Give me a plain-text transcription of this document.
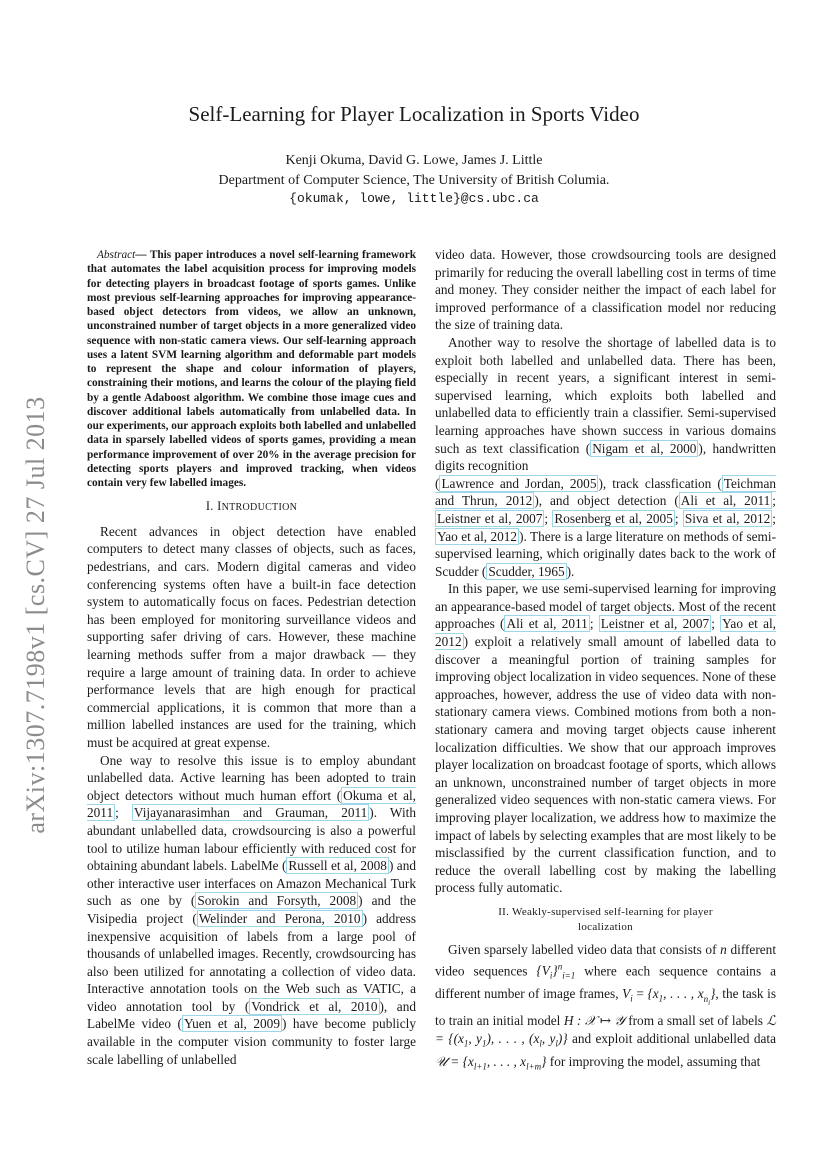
arXiv:1307.7198v1 [cs.CV] 27 Jul 2013
Self-Learning for Player Localization in Sports Video
Kenji Okuma, David G. Lowe, James J. Little
Department of Computer Science, The University of British Columia.
{okumak, lowe, little}@cs.ubc.ca

Abstract— This paper introduces a novel self-learning framework that automates the label acquisition process for improving models for detecting players in broadcast footage of sports games. Unlike most previous self-learning approaches for improving appearance-based object detectors from videos, we allow an unknown, unconstrained number of target objects in a more generalized video sequence with non-static camera views. Our self-learning approach uses a latent SVM learning algorithm and deformable part models to represent the shape and colour information of players, constraining their motions, and learns the colour of the playing field by a gentle Adaboost algorithm. We combine those image cues and discover additional labels automatically from unlabelled data. In our experiments, our approach exploits both labelled and unlabelled data in sparsely labelled videos of sports games, providing a mean performance improvement of over 20% in the average precision for detecting sports players and improved tracking, when videos contain very few labelled images.

I. INTRODUCTION

Recent advances in object detection have enabled computers to detect many classes of objects, such as faces, pedestrians, and cars. Modern digital cameras and video conferencing systems often have a built-in face detection system to automatically focus on faces. Pedestrian detection has been employed for monitoring surveillance videos and supporting safer driving of cars. However, these machine learning methods suffer from a major drawback — they require a large amount of training data. In order to achieve performance levels that are high enough for practical commercial applications, it is common that more than a million labelled instances are used for the training, which must be acquired at great expense.

One way to resolve this issue is to employ abundant unlabelled data. Active learning has been adopted to train object detectors without much human effort ( Okuma et al, 2011 ; Vijayanarasimhan and Grauman, 2011 ). With abundant unlabelled data, crowdsourcing is also a powerful tool to utilize human labour efficiently with reduced cost for obtaining abundant labels. LabelMe ( Russell et al, 2008 ) and other interactive user interfaces on Amazon Mechanical Turk such as one by ( Sorokin and Forsyth, 2008 ) and the Visipedia project ( Welinder and Perona, 2010 ) address inexpensive acquisition of labels from a large pool of thousands of unlabelled images. Recently, crowdsourcing has also been utilized for annotating a collection of video data. Interactive annotation tools on the Web such as VATIC, a video annotation tool by ( Vondrick et al, 2010 ), and LabelMe video ( Yuen et al, 2009 ) have become publicly available in the computer vision community to foster large scale labelling of unlabelled

video data. However, those crowdsourcing tools are designed primarily for reducing the overall labelling cost in terms of time and money. They consider neither the impact of each label for improved performance of a classification model nor reducing the size of training data.

Another way to resolve the shortage of labelled data is to exploit both labelled and unlabelled data. There has been, especially in recent years, a significant interest in semi-supervised learning, which exploits both labelled and unlabelled data to efficiently train a classifier. Semi-supervised learning approaches have shown success in various domains such as text classification ( Nigam et al, 2000 ), handwritten digits recognition

( Lawrence and Jordan, 2005 ), track classfication ( Teichman and Thrun, 2012 ), and object detection ( Ali et al, 2011 ; Leistner et al, 2007 ; Rosenberg et al, 2005 ; Siva et al, 2012 ; Yao et al, 2012 ). There is a large literature on methods of semi-supervised learning, which originally dates back to the work of Scudder ( Scudder, 1965 ).

In this paper, we use semi-supervised learning for improving an appearance-based model of target objects. Most of the recent approaches ( Ali et al, 2011 ; Leistner et al, 2007 ; Yao et al, 2012 ) exploit a relatively small amount of labelled data to discover a meaningful portion of training samples for improving object localization in video sequences. None of these approaches, however, address the use of video data with non-stationary camera views. Combined motions from both a non-stationary camera and moving target objects cause inherent localization difficulties. We show that our approach improves player localization on broadcast footage of sports, which allows an unknown, unconstrained number of target objects in more generalized video sequences with non-static camera views. For improving player localization, we address how to maximize the impact of labels by selecting examples that are most likely to be misclassified by the current classification function, and to reduce the overall labelling cost by making the labelling process fully automatic.

II. Weakly-supervised self-learning for player
localization

Given sparsely labelled video data that consists of n different video sequences $\{V_i\}^n_{i=1}$ where each sequence contains a different number of image frames, $V_i = \{x_1$, . . . , $x_{n_i}$}, the task is to train an initial model H : 𝒳 ↦ 𝒴 from a small set of labels ℒ = {($x_1$, $y_1$), . . . , ($x_l$, $y_l$)} and exploit additional unlabelled data 𝒰 = {$x_{l+1}$, . . . , $x_{l+m}$} for improving the model, assuming that
